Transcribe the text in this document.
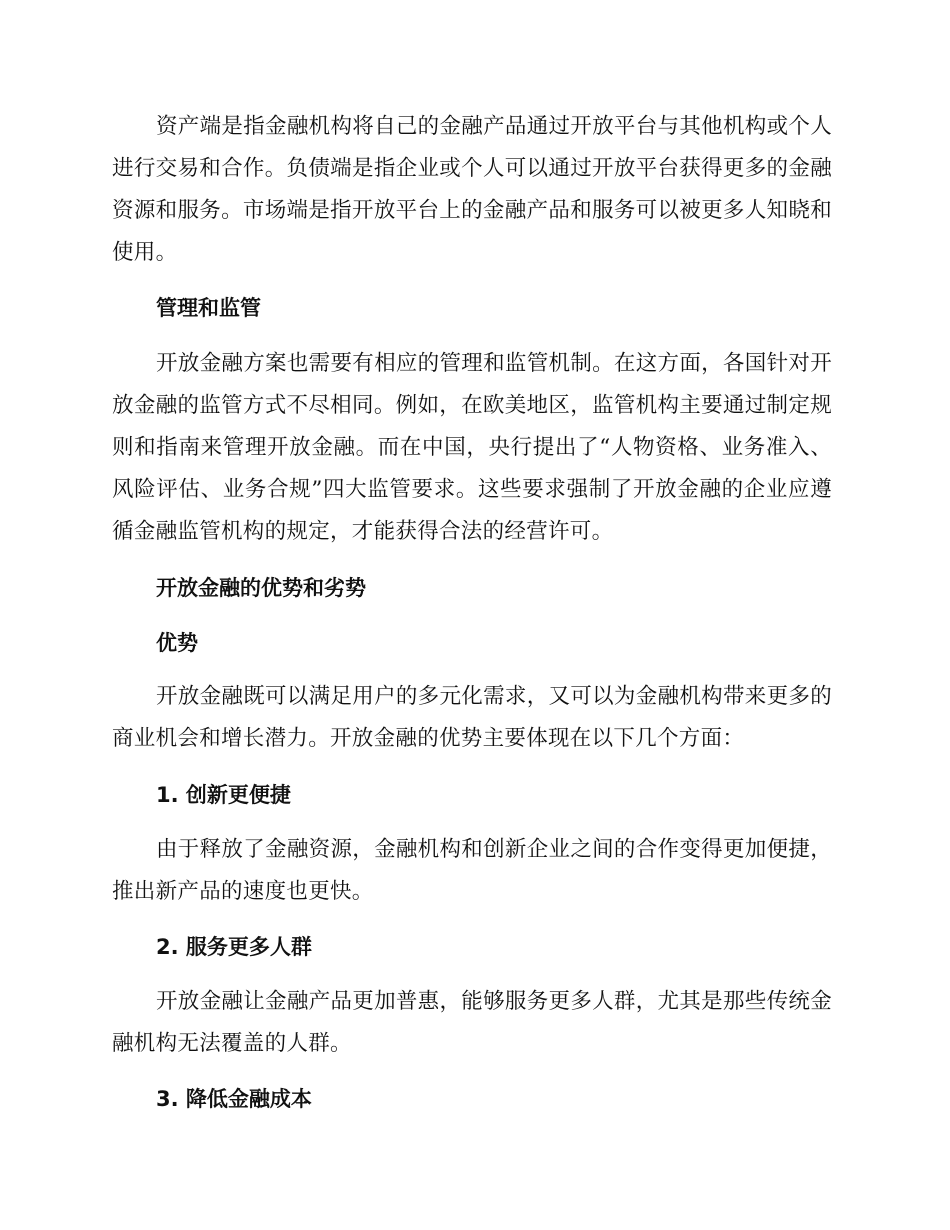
资产端是指金融机构将自己的金融产品通过开放平台与其他机构或个人进行交易和合作。负债端是指企业或个人可以通过开放平台获得更多的金融资源和服务。市场端是指开放平台上的金融产品和服务可以被更多人知晓和使用。

管理和监管

开放金融方案也需要有相应的管理和监管机制。在这方面，各国针对开放金融的监管方式不尽相同。例如，在欧美地区，监管机构主要通过制定规则和指南来管理开放金融。而在中国，央行提出了“人物资格、业务准入、风险评估、业务合规”四大监管要求。这些要求强制了开放金融的企业应遵循金融监管机构的规定，才能获得合法的经营许可。

开放金融的优势和劣势
优势

开放金融既可以满足用户的多元化需求，又可以为金融机构带来更多的商业机会和增长潜力。开放金融的优势主要体现在以下几个方面：

1. 创新更便捷

由于释放了金融资源，金融机构和创新企业之间的合作变得更加便捷，推出新产品的速度也更快。

2. 服务更多人群

开放金融让金融产品更加普惠，能够服务更多人群，尤其是那些传统金融机构无法覆盖的人群。

3. 降低金融成本
